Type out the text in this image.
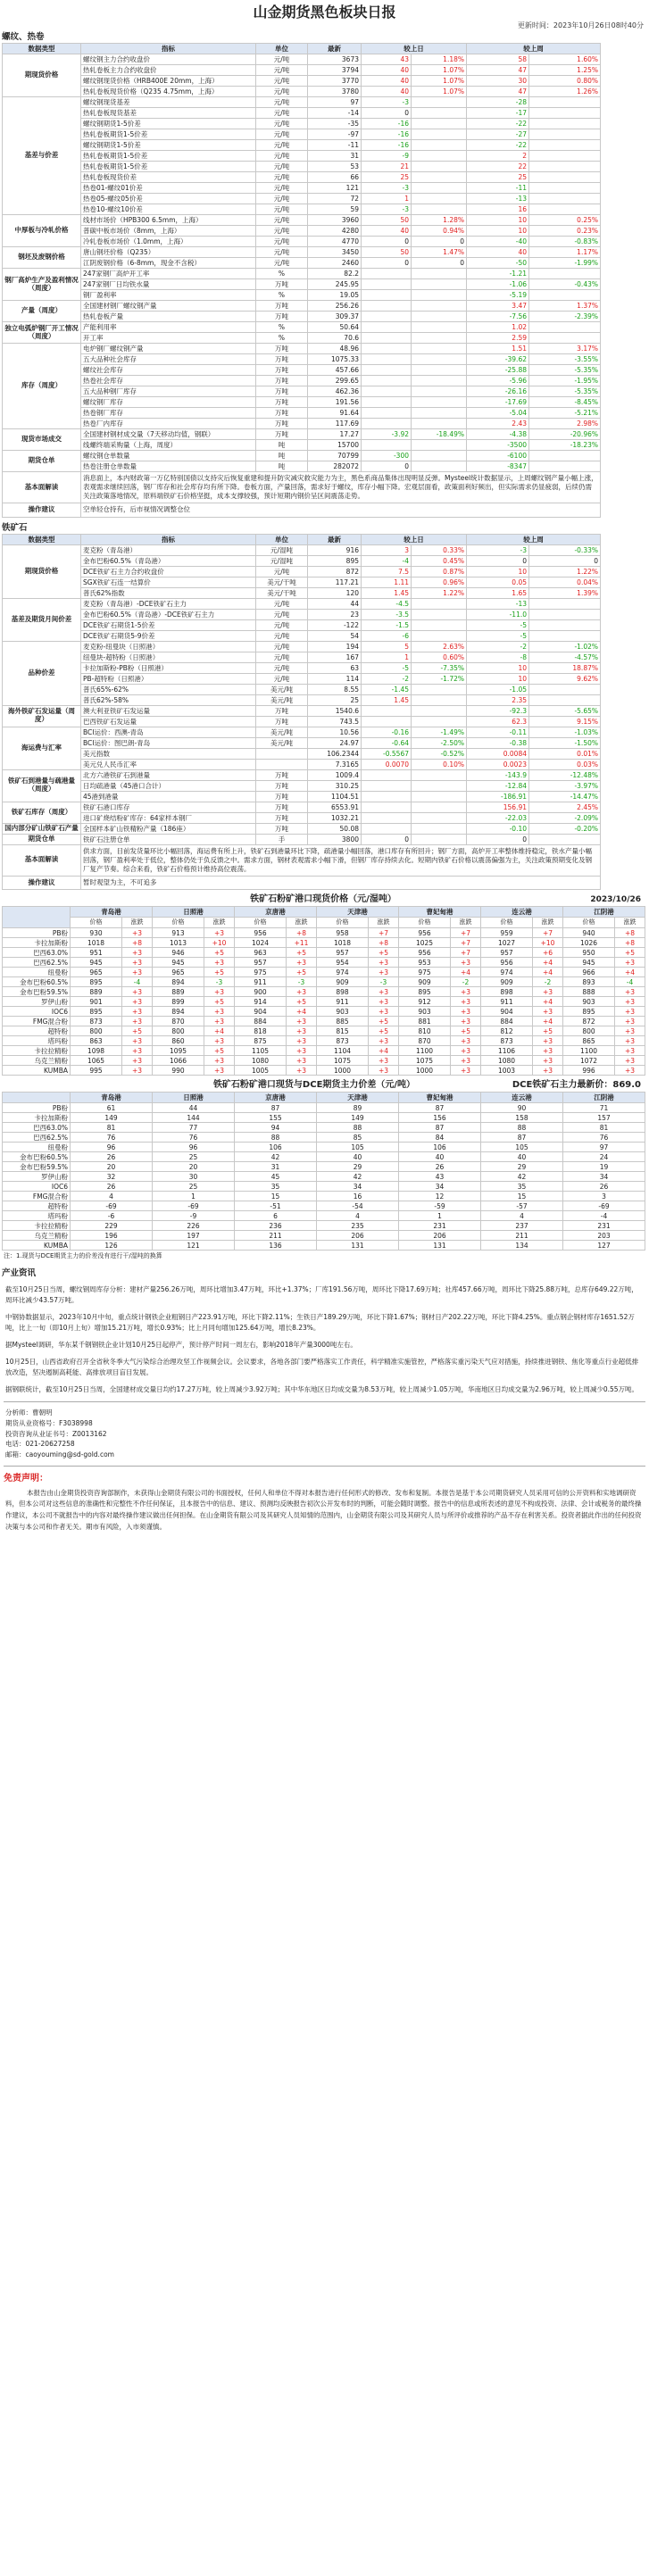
山金期货黑色板块日报
更新时间：2023年10月26日08时40分
螺纹、热卷
数据类型	指标	单位	最新	较上日		较上周	
期现货价格	螺纹钢主力合约收盘价	元/吨	3673	43	1.18%	58	1.60%
	热轧卷板主力合约收盘价	元/吨	3794	40	1.07%	47	1.25%
	螺纹钢现货价格（HRB400E 20mm，上海）	元/吨	3770	40	1.07%	30	0.80%
	热轧卷板现货价格（Q235 4.75mm，上海）	元/吨	3780	40	1.07%	47	1.26%
基差与价差	螺纹钢现货基差	元/吨	97	-3		-28	
	热轧卷板现货基差	元/吨	-14	0		-17	
	螺纹钢期货1-5价差	元/吨	-35	-16		-22	
	热轧卷板期货1-5价差	元/吨	-97	-16		-27	
	螺纹钢期货1-5价差	元/吨	-11	-16		-22	
	热轧卷板期货1-5价差	元/吨	31	-9		2	
	热轧卷板期货1-5价差	元/吨	53	21		22	
	热轧卷板现货价差	元/吨	66	25		25	
	热卷01-螺纹01价差	元/吨	121	-3		-11	
	热卷05-螺纹05价差	元/吨	72	1		-13	
	热卷10-螺纹10价差	元/吨	59	-3		16	
中厚板与冷轧价格	线材市场价（HPB300 6.5mm，上海）	元/吨	3960	50	1.28%	10	0.25%
	普碳中板市场价（8mm，上海）	元/吨	4280	40	0.94%	10	0.23%
	冷轧卷板市场价（1.0mm，上海）	元/吨	4770	0	0	-40	-0.83%
钢坯及废钢价格	唐山钢坯价格（Q235）	元/吨	3450	50	1.47%	40	1.17%
	江阴废钢价格（6-8mm，现金不含税）	元/吨	2460	0	0	-50	-1.99%
钢厂高炉生产及盈利情况（周度）	247家钢厂高炉开工率	%	82.2			-1.21	
	247家钢厂日均铁水量	万吨	245.95			-1.06	-0.43%
	钢厂盈利率	%	19.05			-5.19	
产量（周度）	全国建材钢厂螺纹钢产量	万吨	256.26			3.47	1.37%
	热轧卷板产量	万吨	309.37			-7.56	-2.39%
独立电弧炉钢厂开工情况（周度）	产能利用率	%	50.64			1.02	
	开工率	%	70.6			2.59	
库存（周度）	电炉钢厂螺纹钢产量	万吨	48.96			1.51	3.17%
	五大品种社会库存	万吨	1075.33			-39.62	-3.55%
	螺纹社会库存	万吨	457.66			-25.88	-5.35%
	热卷社会库存	万吨	299.65			-5.96	-1.95%
	五大品种钢厂库存	万吨	462.36			-26.16	-5.35%
	螺纹钢厂库存	万吨	191.56			-17.69	-8.45%
	热卷钢厂库存	万吨	91.64			-5.04	-5.21%
	热卷厂内库存	万吨	117.69			2.43	2.98%
现货市场成交	全国建材钢材成交量（7天移动均值，钢联）	万吨	17.27	-3.92	-18.49%	-4.38	-20.96%
	线螺终端采购量（上海，周度）	吨	15700			-3500	-18.23%
期货仓单	螺纹钢仓单数量	吨	70799	-300		-6100	
	热卷注册仓单数量	吨	282072	0		-8347	
基本面解读	消息面上，本内财政第一万亿特别国债以支持灾后恢复重建和提升防灾减灾救灾能力为主，黑色系商品集体出现明显反弹。Mysteel统计数据显示，上周螺纹钢产量小幅上涨，表观需求继续回落，钢厂库存和社会库存均有所下降。卷板方面，产量回落，需求好于螺纹，库存小幅下降。宏观层面看，政策面利好频出，但实际需求仍显疲弱，后续仍需关注政策落地情况，原料端铁矿石价格坚挺，成本支撑较强，预计短期内钢价呈区间震荡走势。						
操作建议	空单轻仓持有，后市视情况调整仓位						
铁矿石
数据类型	指标	单位	最新	较上日		较上周	
期现货价格	麦克粉（青岛港）	元/湿吨	916	3	0.33%	-3	-0.33%
	金布巴粉60.5%（青岛港）	元/湿吨	895	-4	0.45%	0	0
	DCE铁矿石主力合约收盘价	元/吨	872	7.5	0.87%	10	1.22%
	SGX铁矿石连一结算价	美元/干吨	117.21	1.11	0.96%	0.05	0.04%
	普氏62%指数	美元/干吨	120	1.45	1.22%	1.65	1.39%
基差及期货月间价差	麦克粉（青岛港）-DCE铁矿石主力	元/吨	44	-4.5		-13	
	金布巴粉60.5%（青岛港）-DCE铁矿石主力	元/吨	23	-3.5		-11.0	
	DCE铁矿石期货1-5价差	元/吨	-122	-1.5		-5	
	DCE铁矿石期货5-9价差	元/吨	54	-6		-5	
品种价差	麦克粉-纽曼块（日照港）	元/吨	194	5	2.63%	-2	-1.02%
	纽曼块-超特粉（日照港）	元/吨	167	1	0.60%	-8	-4.57%
	卡拉加斯粉-PB粉（日照港）	元/吨	63	-5	-7.35%	10	18.87%
	PB-超特粉（日照港）	元/吨	114	-2	-1.72%	10	9.62%
	普氏65%-62%	美元/吨	8.55	-1.45		-1.05	
	普氏62%-58%	美元/吨	25	1.45		2.35	
海外铁矿石发运量（周度）	澳大利亚铁矿石发运量	万吨	1540.6			-92.3	-5.65%
	巴西铁矿石发运量	万吨	743.5			62.3	9.15%
海运费与汇率	BCI运价：西澳-青岛	美元/吨	10.56	-0.16	-1.49%	-0.11	-1.03%
	BCI运价：图巴朗-青岛	美元/吨	24.97	-0.64	-2.50%	-0.38	-1.50%
	美元指数		106.2344	-0.5567	-0.52%	0.0084	0.01%
	美元兑人民币汇率		7.3165	0.0070	0.10%	0.0023	0.03%
铁矿石到港量与疏港量（周度）	北方六港铁矿石到港量	万吨	1009.4			-143.9	-12.48%
	日均疏港量（45港口合计）	万吨	310.25			-12.84	-3.97%
	45港到港量	万吨	1104.51			-186.91	-14.47%
铁矿石库存（周度）	铁矿石港口库存	万吨	6553.91			156.91	2.45%
	进口矿烧结粉矿库存：64家样本钢厂	万吨	1032.21			-22.03	-2.09%
国内部分矿山铁矿石产量	全国样本矿山铁精粉产量（186座）	万吨	50.08			-0.10	-0.20%
期货仓单	铁矿石注册仓单	手	3800	0		0	
基本面解读	供求方面，目前发货量环比小幅回落，海运费有所上升，铁矿石到港量环比下降，疏港量小幅回落，港口库存有所回升；钢厂方面，高炉开工率整体维持稳定，铁水产量小幅回落，钢厂盈利率处于低位，整体仍处于负反馈之中。需求方面，钢材表观需求小幅下滑，但钢厂库存持续去化。短期内铁矿石价格以震荡偏强为主，关注政策预期变化及钢厂复产节奏。综合来看，铁矿石价格预计维持高位震荡。						
操作建议	暂时观望为主，不可追多						
铁矿石粉矿港口现货价格（元/湿吨）	2023/10/26
	青岛港		日照港		京唐港		天津港		曹妃甸港		连云港		江阴港	
	价格	涨跌	价格	涨跌	价格	涨跌	价格	涨跌	价格	涨跌	价格	涨跌	价格	涨跌
PB粉	930	+3	913	+3	956	+8	958	+7	956	+7	959	+7	940	+8
卡拉加斯粉	1018	+8	1013	+10	1024	+11	1018	+8	1025	+7	1027	+10	1026	+8
巴西63.0%	951	+3	946	+5	963	+5	957	+5	956	+7	957	+6	950	+5
巴西62.5%	945	+3	945	+3	957	+3	954	+3	953	+3	956	+4	945	+3
纽曼粉	965	+3	965	+5	975	+5	974	+3	975	+4	974	+4	966	+4
金布巴粉60.5%	895	-4	894	-3	911	-3	909	-3	909	-2	909	-2	893	-4
金布巴粉59.5%	889	+3	889	+3	900	+3	898	+3	895	+3	898	+3	888	+3
罗伊山粉	901	+3	899	+5	914	+5	911	+3	912	+3	911	+4	903	+3
IOC6	895	+3	894	+3	904	+4	903	+3	903	+3	904	+3	895	+3
FMG混合粉	873	+3	870	+3	884	+3	885	+5	881	+3	884	+4	872	+3
超特粉	800	+5	800	+4	818	+3	815	+5	810	+5	812	+5	800	+3
塔玛粉	863	+3	860	+3	875	+3	873	+3	870	+3	873	+3	865	+3
卡拉拉精粉	1098	+3	1095	+5	1105	+3	1104	+4	1100	+3	1106	+3	1100	+3
乌克兰精粉	1065	+3	1066	+3	1080	+3	1075	+3	1075	+3	1080	+3	1072	+3
KUMBA	995	+3	990	+3	1005	+3	1000	+3	1000	+3	1003	+3	996	+3
铁矿石粉矿港口现货与DCE期货主力价差（元/吨）	DCE铁矿石主力最新价：869.0
	青岛港	日照港	京唐港	天津港	曹妃甸港	连云港	江阴港
PB粉	61	44	87	89	87	90	71
卡拉加斯粉	149	144	155	149	156	158	157
巴西63.0%	81	77	94	88	87	88	81
巴西62.5%	76	76	88	85	84	87	76
纽曼粉	96	96	106	105	106	105	97
金布巴粉60.5%	26	25	42	40	40	40	24
金布巴粉59.5%	20	20	31	29	26	29	19
罗伊山粉	32	30	45	42	43	42	34
IOC6	26	25	35	34	34	35	26
FMG混合粉	4	1	15	16	12	15	3
超特粉	-69	-69	-51	-54	-59	-57	-69
塔玛粉	-6	-9	6	4	1	4	-4
卡拉拉精粉	229	226	236	235	231	237	231
乌克兰精粉	196	197	211	206	206	211	203
KUMBA	126	121	136	131	131	134	127
注：1.现货与DCE期货主力的价差没有进行干/湿吨的换算
产业资讯

截至10月25日当周，螺纹钢周库存分析：建材产量256.26万吨，周环比增加3.47万吨，环比+1.37%；厂库191.56万吨，周环比下降17.69万吨；社库457.66万吨，周环比下降25.88万吨，总库存649.22万吨，周环比减少43.57万吨。

中钢协数据显示，2023年10月中旬，重点统计钢铁企业粗钢日产223.91万吨，环比下降2.11%；生铁日产189.29万吨，环比下降1.67%；钢材日产202.22万吨，环比下降4.25%。重点钢企钢材库存1651.52万吨，比上一旬（即10月上旬）增加15.21万吨，增长0.93%；比上月同旬增加125.64万吨，增长8.23%。

据Mysteel调研，华东某千钢钢铁企业计划10月25日起停产，预计停产时间一周左右，影响2018年产量3000吨左右。

10月25日，山西省政府召开全省秋冬季大气污染综合治理攻坚工作视频会议。会议要求，各地各部门要严格落实工作责任，科学精准实施管控，严格落实重污染天气应对措施，持续推进钢铁、焦化等重点行业超低排放改造，坚决遏制高耗能、高排放项目盲目发展。

据钢联统计，截至10月25日当周，全国建材成交量日均约17.27万吨，较上周减少3.92万吨；其中华东地区日均成交量为8.53万吨，较上周减少1.05万吨，华南地区日均成交量为2.96万吨，较上周减少0.55万吨。

分析师：曹朝明
期货从业资格号：F3038998
投资咨询从业证书号：Z0013162
电话：021-20627258
邮箱：caoyouming@sd-gold.com
免责声明：
本报告由山金期货投资咨询部制作，未获得山金期货有限公司的书面授权，任何人和单位不得对本报告进行任何形式的修改、发布和复制。本报告是基于本公司期货研究人员采用可信的公开资料和实地调研资料，但本公司对这些信息的准确性和完整性不作任何保证，且本报告中的信息、建议、预测均反映报告初次公开发布时的判断，可能会随时调整。报告中的信息或所表述的意见不构成投资、法律、会计或税务的最终操作建议，本公司不就报告中的内容对最终操作建议做出任何担保。在山金期货有限公司及其研究人员知情的范围内，山金期货有限公司及其研究人员与所评价或推荐的产品不存在利害关系。投资者据此作出的任何投资决策与本公司和作者无关。期市有风险，入市须谨慎。
